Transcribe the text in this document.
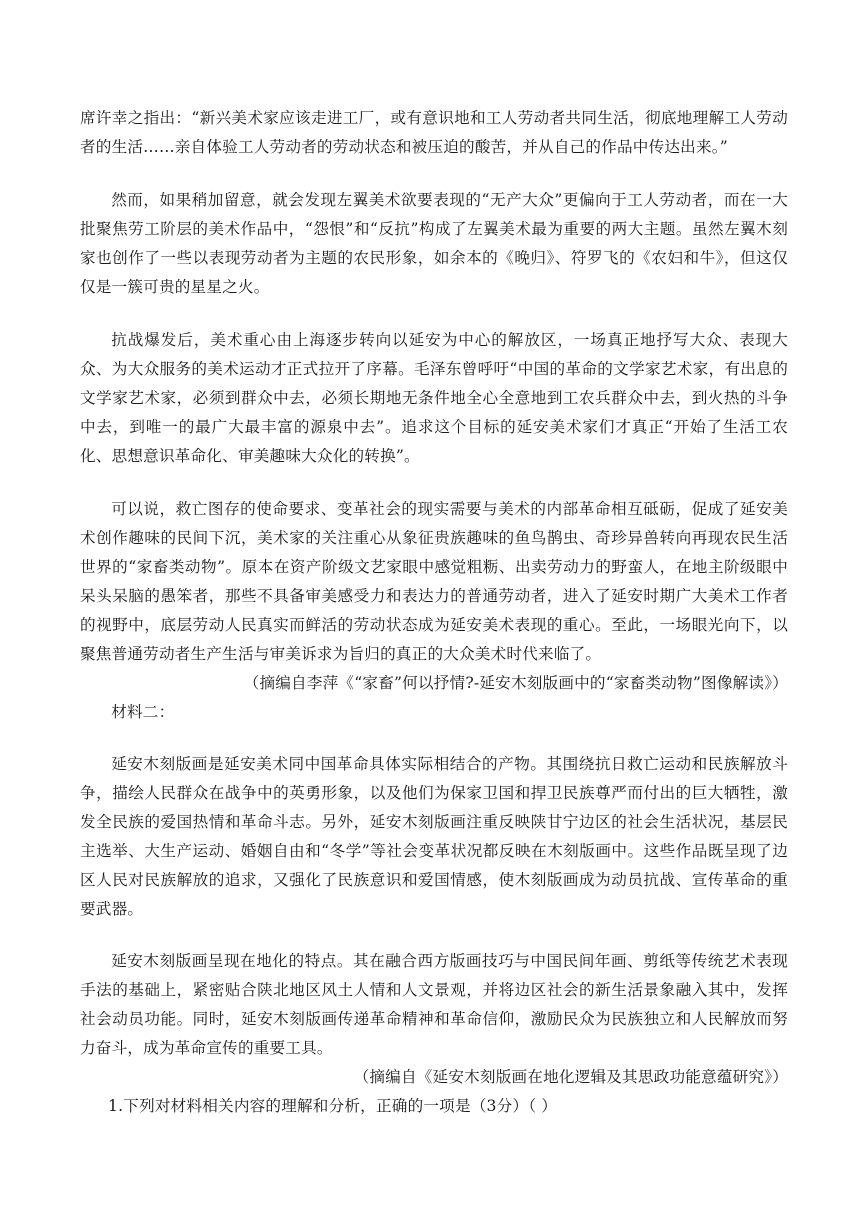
席许幸之指出：“新兴美术家应该走进工厂，或有意识地和工人劳动者共同生活，彻底地理解工人劳动者的生活……亲自体验工人劳动者的劳动状态和被压迫的酸苦，并从自己的作品中传达出来。”

然而，如果稍加留意，就会发现左翼美术欲要表现的“无产大众”更偏向于工人劳动者，而在一大批聚焦劳工阶层的美术作品中，“怨恨”和“反抗”构成了左翼美术最为重要的两大主题。虽然左翼木刻家也创作了一些以表现劳动者为主题的农民形象，如余本的《晚归》、符罗飞的《农妇和牛》，但这仅仅是一簇可贵的星星之火。

抗战爆发后，美术重心由上海逐步转向以延安为中心的解放区，一场真正地抒写大众、表现大众、为大众服务的美术运动才正式拉开了序幕。毛泽东曾呼吁“中国的革命的文学家艺术家，有出息的文学家艺术家，必须到群众中去，必须长期地无条件地全心全意地到工农兵群众中去，到火热的斗争中去，到唯一的最广大最丰富的源泉中去”。追求这个目标的延安美术家们才真正“开始了生活工农化、思想意识革命化、审美趣味大众化的转换”。

可以说，救亡图存的使命要求、变革社会的现实需要与美术的内部革命相互砥砺，促成了延安美术创作趣味的民间下沉，美术家的关注重心从象征贵族趣味的鱼鸟鹊虫、奇珍异兽转向再现农民生活世界的“家畜类动物”。原本在资产阶级文艺家眼中感觉粗粝、出卖劳动力的野蛮人，在地主阶级眼中呆头呆脑的愚笨者，那些不具备审美感受力和表达力的普通劳动者，进入了延安时期广大美术工作者的视野中，底层劳动人民真实而鲜活的劳动状态成为延安美术表现的重心。至此，一场眼光向下，以聚焦普通劳动者生产生活与审美诉求为旨归的真正的大众美术时代来临了。

（摘编自李萍《“家畜”何以抒情?-延安木刻版画中的“家畜类动物”图像解读》）

材料二：

延安木刻版画是延安美术同中国革命具体实际相结合的产物。其围绕抗日救亡运动和民族解放斗争，描绘人民群众在战争中的英勇形象，以及他们为保家卫国和捍卫民族尊严而付出的巨大牺牲，激发全民族的爱国热情和革命斗志。另外，延安木刻版画注重反映陕甘宁边区的社会生活状况，基层民主选举、大生产运动、婚姻自由和“冬学”等社会变革状况都反映在木刻版画中。这些作品既呈现了边区人民对民族解放的追求，又强化了民族意识和爱国情感，使木刻版画成为动员抗战、宣传革命的重要武器。

延安木刻版画呈现在地化的特点。其在融合西方版画技巧与中国民间年画、剪纸等传统艺术表现手法的基础上，紧密贴合陕北地区风土人情和人文景观，并将边区社会的新生活景象融入其中，发挥社会动员功能。同时，延安木刻版画传递革命精神和革命信仰，激励民众为民族独立和人民解放而努力奋斗，成为革命宣传的重要工具。

（摘编自《延安木刻版画在地化逻辑及其思政功能意蕴研究》）

1.下列对材料相关内容的理解和分析，正确的一项是（3分）（ ）
